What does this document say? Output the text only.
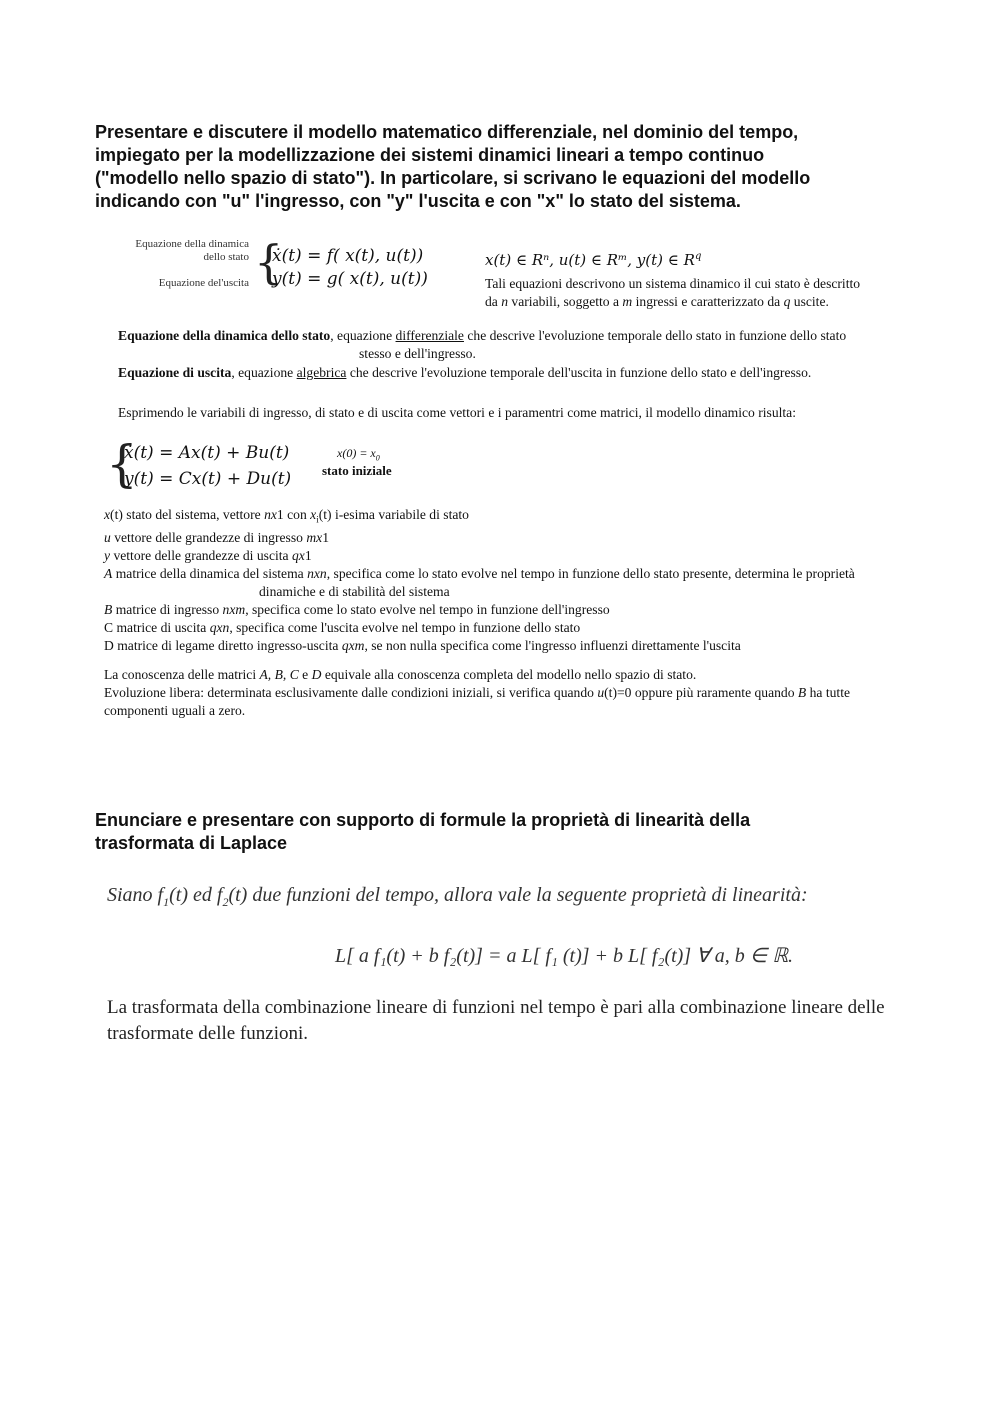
Presentare e discutere il modello matematico differenziale, nel dominio del tempo,
impiegato per la modellizzazione dei sistemi dinamici lineari a tempo continuo
("modello nello spazio di stato"). In particolare, si scrivano le equazioni del modello
indicando con "u" l'ingresso, con "y" l'uscita e con "x" lo stato del sistema.
Equazione della dinamica
dello stato
Equazione del'uscita {
ẋ(t) = f( x(t), u(t))
y(t) = g( x(t), u(t))
x(t) ∈ Rⁿ, u(t) ∈ Rᵐ, y(t) ∈ $R^q$
Tali equazioni descrivono un sistema dinamico il cui stato è descritto
da n variabili, soggetto a m ingressi e caratterizzato da q uscite.
Equazione della dinamica dello stato, equazione differenziale che descrive l'evoluzione temporale dello stato in funzione dello stato
stesso e dell'ingresso.
Equazione di uscita, equazione algebrica che descrive l'evoluzione temporale dell'uscita in funzione dello stato e dell'ingresso.
Esprimendo le variabili di ingresso, di stato e di uscita come vettori e i paramentri come matrici, il modello dinamico risulta:
{
ẋ(t) = Ax(t) + Bu(t)
y(t) = Cx(t) + Du(t)
$x(0) = x_0$
stato iniziale
x(t) stato del sistema, vettore nx1 con $x_i(t)$ i-esima variabile di stato
u vettore delle grandezze di ingresso mx1
y vettore delle grandezze di uscita qx1
A matrice della dinamica del sistema nxn, specifica come lo stato evolve nel tempo in funzione dello stato presente, determina le proprietà
dinamiche e di stabilità del sistema
B matrice di ingresso nxm, specifica come lo stato evolve nel tempo in funzione dell'ingresso
C matrice di uscita qxn, specifica come l'uscita evolve nel tempo in funzione dello stato
D matrice di legame diretto ingresso-uscita qxm, se non nulla specifica come l'ingresso influenzi direttamente l'uscita
La conoscenza delle matrici A, B, C e D equivale alla conoscenza completa del modello nello spazio di stato.
Evoluzione libera: determinata esclusivamente dalle condizioni iniziali, si verifica quando u(t)=0 oppure più raramente quando B ha tutte
componenti uguali a zero.
Enunciare e presentare con supporto di formule la proprietà di linearità della
trasformata di Laplace
Siano $f_1(t)$ ed $f_2(t)$ due funzioni del tempo, allora vale la seguente proprietà di linearità:
L[ a f₁(t) + b f₂(t)] = a L[ f₁ (t)] + b L[ f₂(t)] ∀ a, b ∈ ℝ.
La trasformata della combinazione lineare di funzioni nel tempo è pari alla combinazione lineare delle
trasformate delle funzioni.
